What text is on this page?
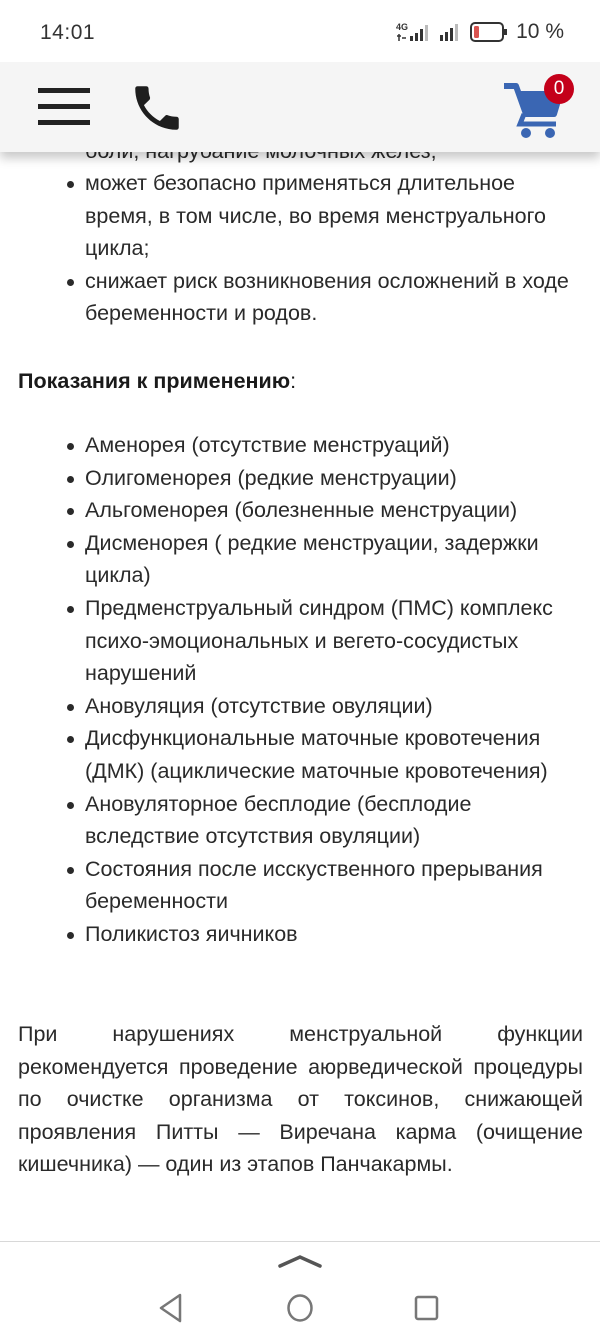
14:01	4G	10 %
0
может безопасно применяться длительное время, в том числе, во время менструального цикла;
снижает риск возникновения осложнений в ходе беременности и родов.
Показания к применению:
Аменорея (отсутствие менструаций)
Олигоменорея (редкие менструации)
Альгоменорея (болезненные менструации)
Дисменорея ( редкие менструации, задержки цикла)
Предменструальный синдром (ПМС) комплекс психо-эмоциональных и вегето-сосудистых нарушений
Ановуляция (отсутствие овуляции)
Дисфункциональные маточные кровотечения (ДМК) (ациклические маточные кровотечения)
Ановуляторное бесплодие (бесплодие вследствие отсутствия овуляции)
Состояния после исскуственного прерывания беременности
Поликистоз яичников

При нарушениях менструальной функции рекомендуется проведение аюрведической процедуры по очистке организма от токсинов, снижающей проявления Питты — Виречана карма (очищение кишечника) — один из этапов Панчакармы.
